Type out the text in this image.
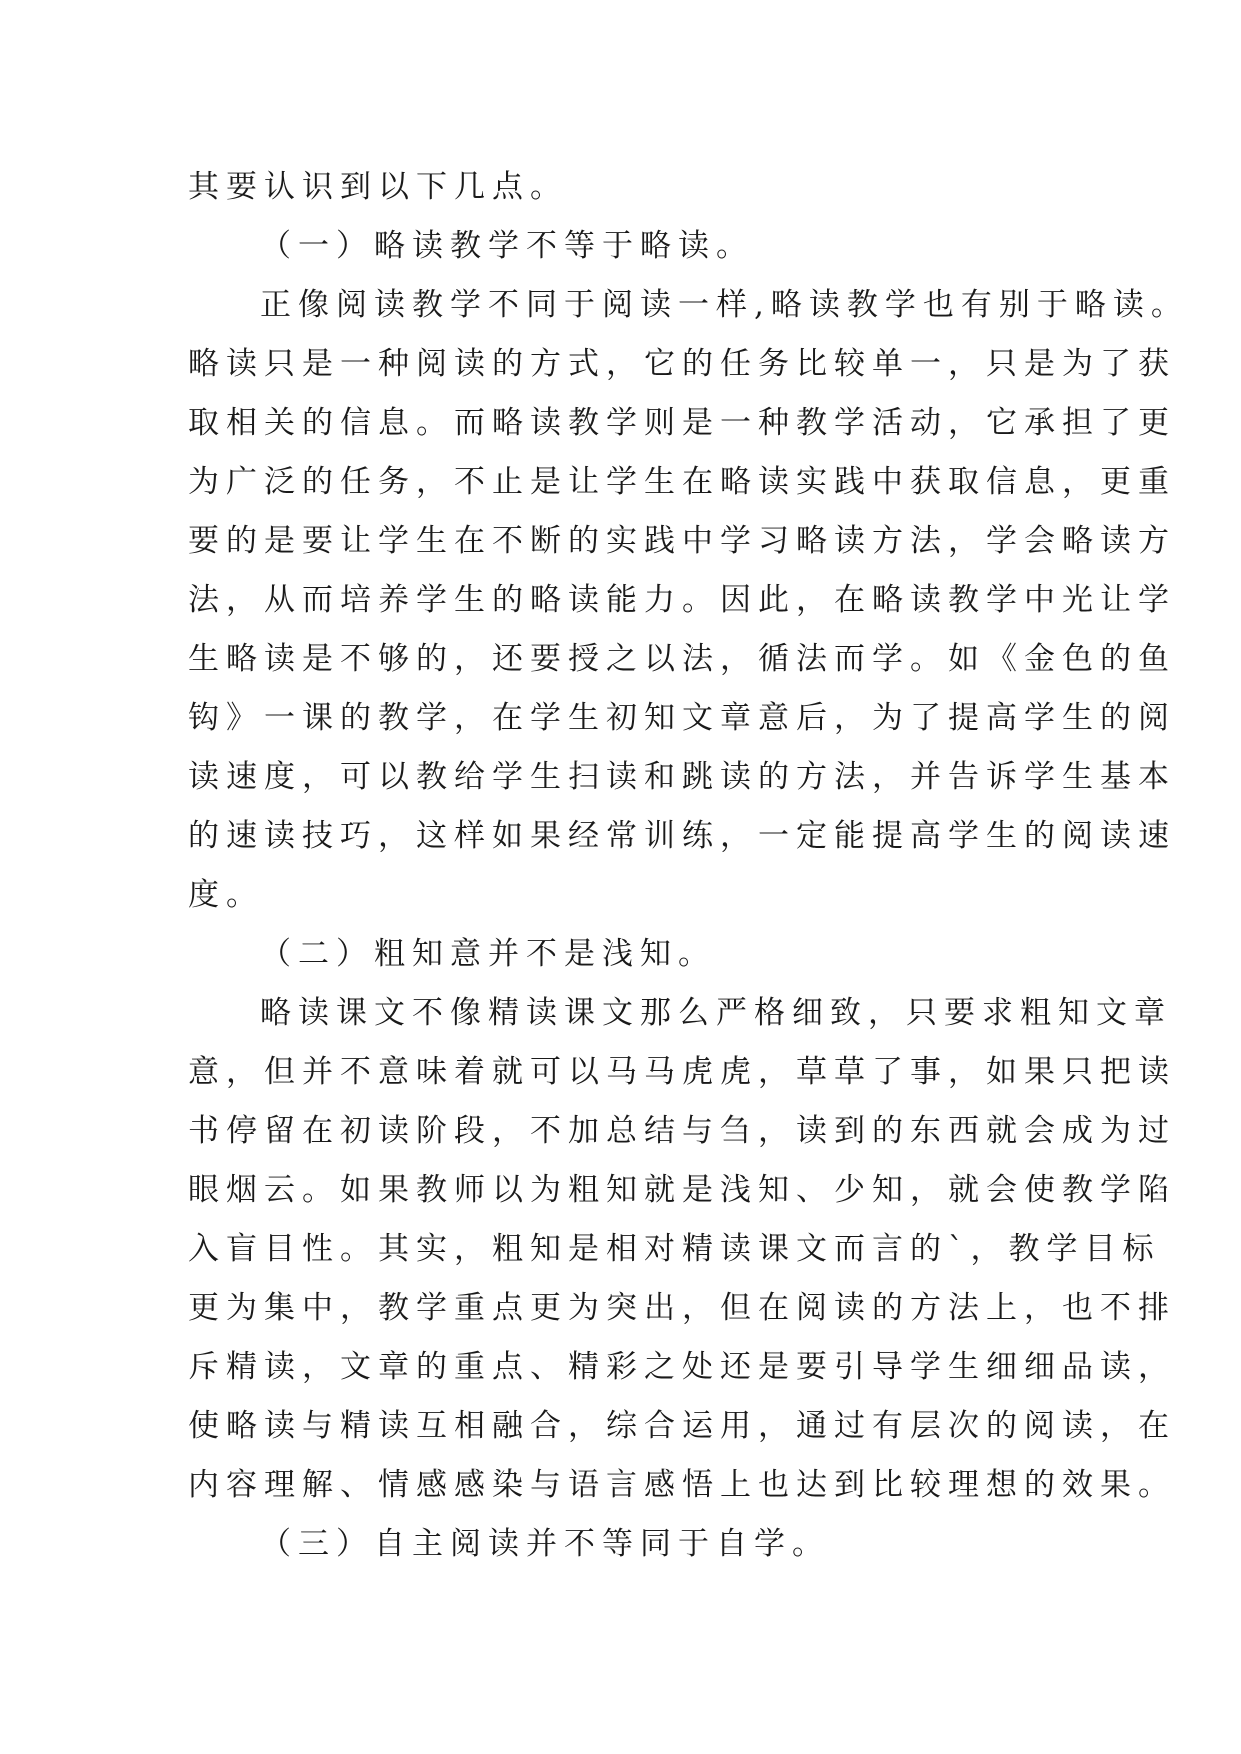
其要认识到以下几点。

（一）略读教学不等于略读。

正像阅读教学不同于阅读一样,略读教学也有别于略读。

略读只是一种阅读的方式，它的任务比较单一，只是为了获

取相关的信息。而略读教学则是一种教学活动，它承担了更

为广泛的任务，不止是让学生在略读实践中获取信息，更重

要的是要让学生在不断的实践中学习略读方法，学会略读方

法，从而培养学生的略读能力。因此，在略读教学中光让学

生略读是不够的，还要授之以法，循法而学。如《金色的鱼

钩》一课的教学，在学生初知文章意后，为了提高学生的阅

读速度，可以教给学生扫读和跳读的方法，并告诉学生基本

的速读技巧，这样如果经常训练，一定能提高学生的阅读速

度。

（二）粗知意并不是浅知。

略读课文不像精读课文那么严格细致，只要求粗知文章

意，但并不意味着就可以马马虎虎，草草了事，如果只把读

书停留在初读阶段，不加总结与刍，读到的东西就会成为过

眼烟云。如果教师以为粗知就是浅知、少知，就会使教学陷

入盲目性。其实，粗知是相对精读课文而言的`，教学目标

更为集中，教学重点更为突出，但在阅读的方法上，也不排

斥精读，文章的重点、精彩之处还是要引导学生细细品读，

使略读与精读互相融合，综合运用，通过有层次的阅读，在

内容理解、情感感染与语言感悟上也达到比较理想的效果。

（三）自主阅读并不等同于自学。
